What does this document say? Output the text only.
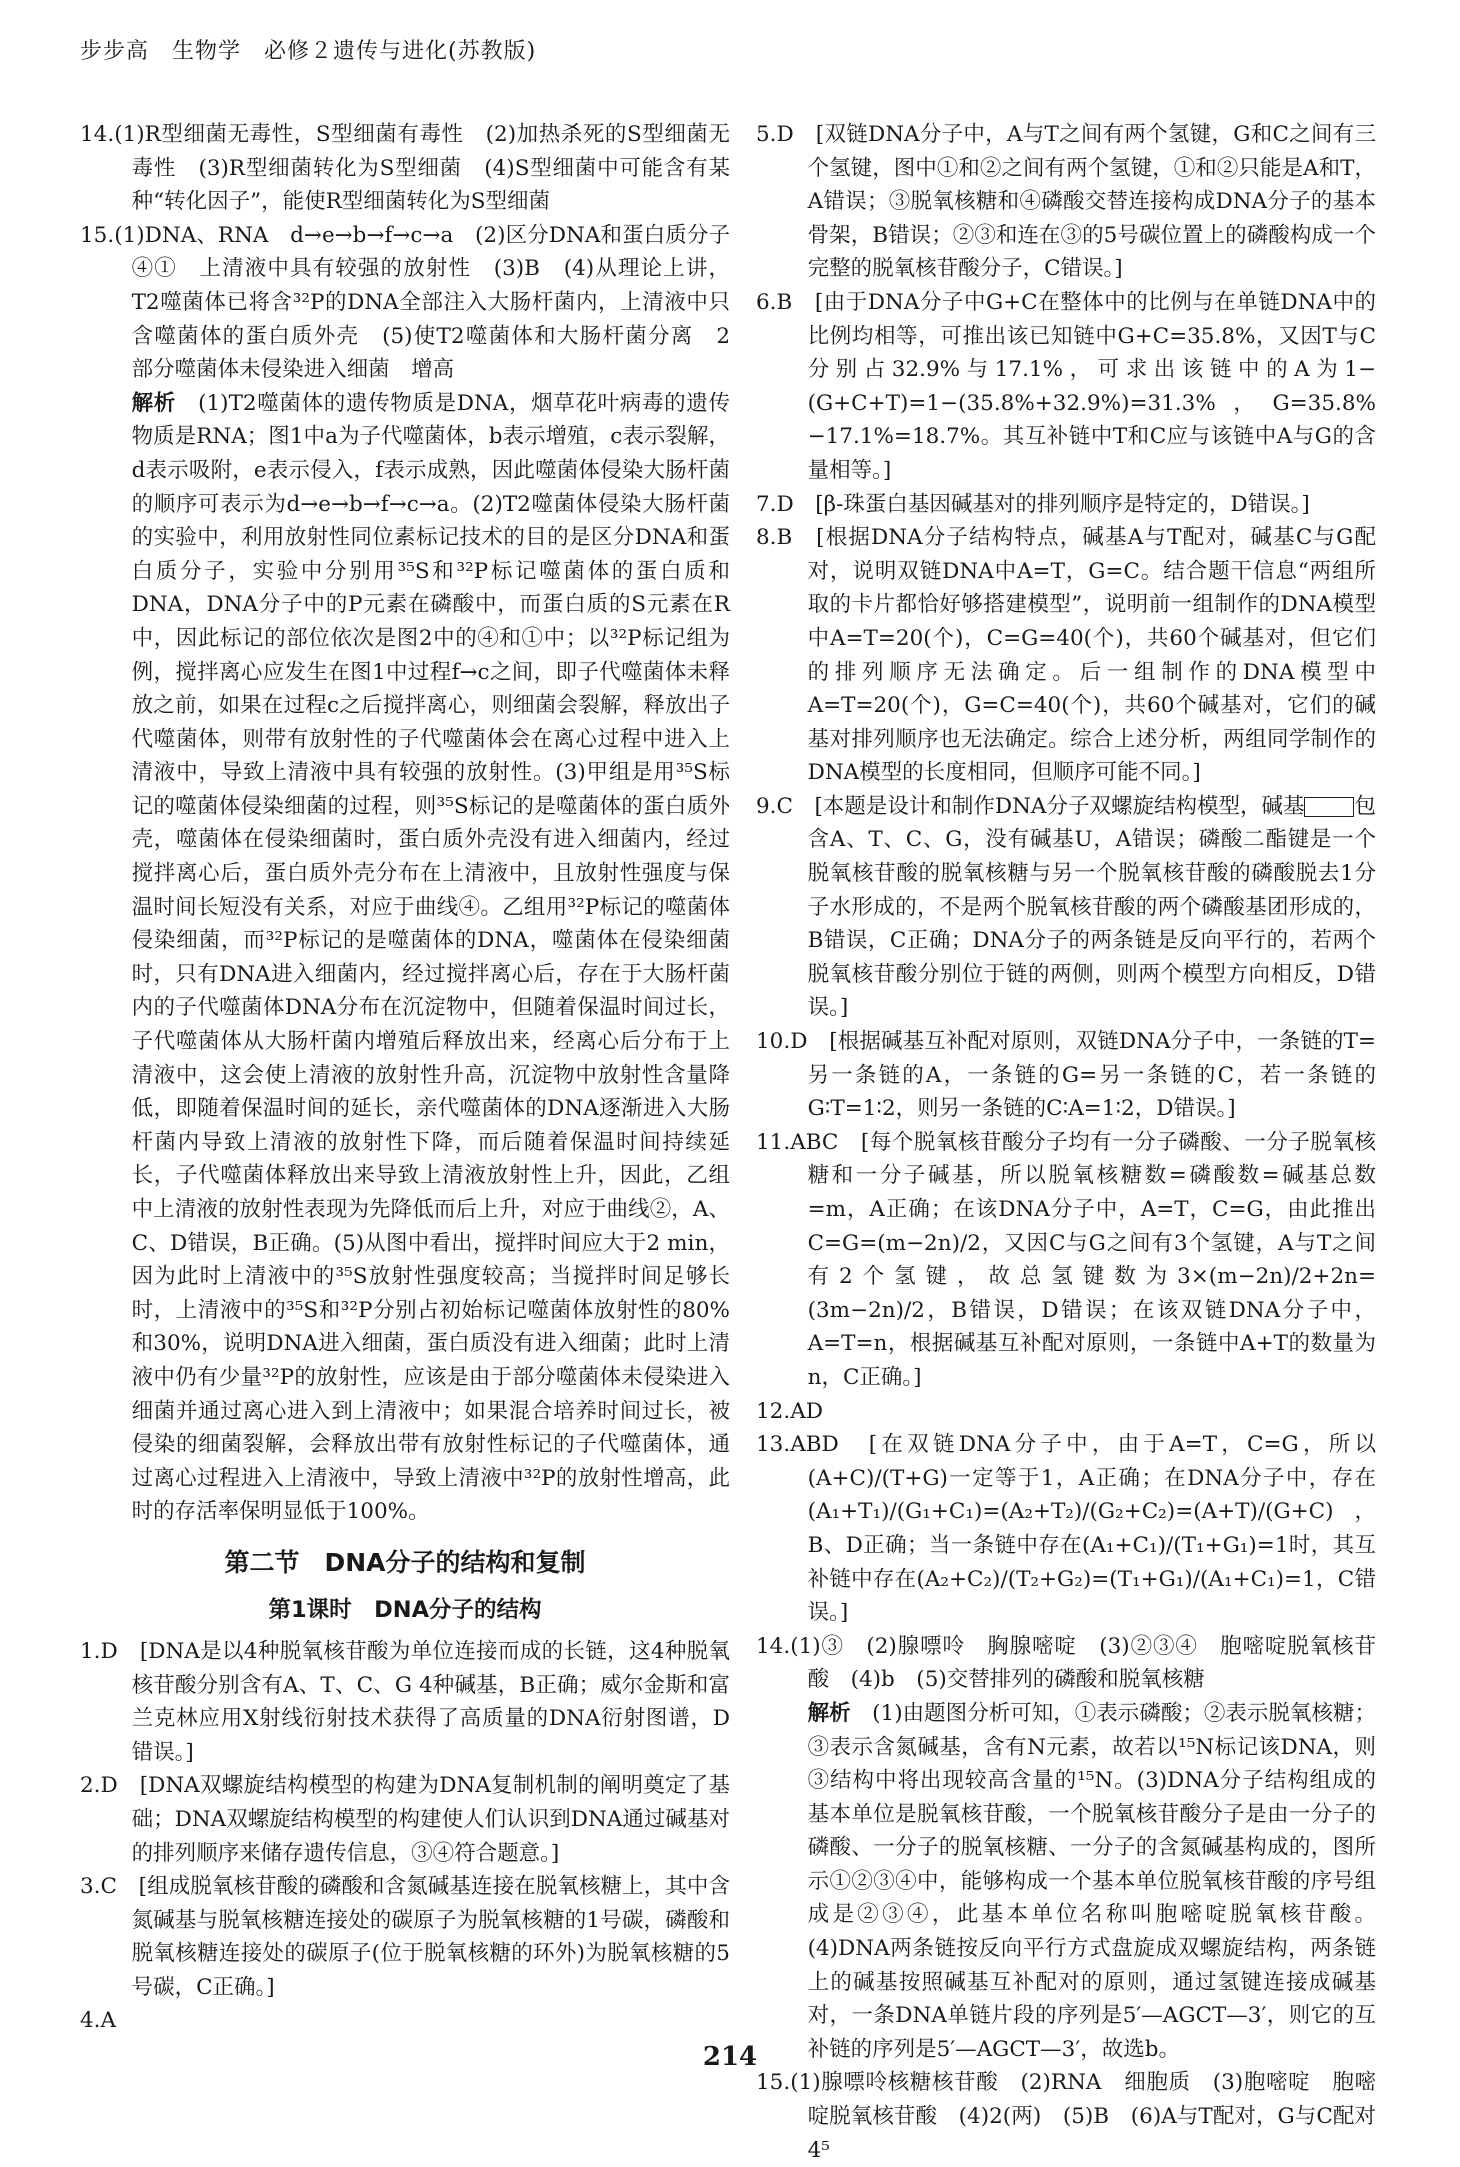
步步高　生物学　必修２遗传与进化(苏教版)

14.(1)R型细菌无毒性，S型细菌有毒性　(2)加热杀死的S型细菌无毒性　(3)R型细菌转化为S型细菌　(4)S型细菌中可能含有某种“转化因子”，能使R型细菌转化为S型细菌

15.(1)DNA、RNA　d→e→b→f→c→a　(2)区分DNA和蛋白质分子　④①　上清液中具有较强的放射性　(3)B　(4)从理论上讲，T2噬菌体已将含³²P的DNA全部注入大肠杆菌内，上清液中只含噬菌体的蛋白质外壳　(5)使T2噬菌体和大肠杆菌分离　2　部分噬菌体未侵染进入细菌　增高

解析　 (1)T2噬菌体的遗传物质是DNA，烟草花叶病毒的遗传物质是RNA；图1中a为子代噬菌体，b表示增殖，c表示裂解，d表示吸附，e表示侵入，f表示成熟，因此噬菌体侵染大肠杆菌的顺序可表示为d→e→b→f→c→a。(2)T2噬菌体侵染大肠杆菌的实验中，利用放射性同位素标记技术的目的是区分DNA和蛋白质分子，实验中分别用³⁵S和³²P标记噬菌体的蛋白质和DNA，DNA分子中的P元素在磷酸中，而蛋白质的S元素在R中，因此标记的部位依次是图2中的④和①中；以³²P标记组为例，搅拌离心应发生在图1中过程f→c之间，即子代噬菌体未释放之前，如果在过程c之后搅拌离心，则细菌会裂解，释放出子代噬菌体，则带有放射性的子代噬菌体会在离心过程中进入上清液中，导致上清液中具有较强的放射性。(3)甲组是用³⁵S标记的噬菌体侵染细菌的过程，则³⁵S标记的是噬菌体的蛋白质外壳，噬菌体在侵染细菌时，蛋白质外壳没有进入细菌内，经过搅拌离心后，蛋白质外壳分布在上清液中，且放射性强度与保温时间长短没有关系，对应于曲线④。乙组用³²P标记的噬菌体侵染细菌，而³²P标记的是噬菌体的DNA，噬菌体在侵染细菌时，只有DNA进入细菌内，经过搅拌离心后，存在于大肠杆菌内的子代噬菌体DNA分布在沉淀物中，但随着保温时间过长，子代噬菌体从大肠杆菌内增殖后释放出来，经离心后分布于上清液中，这会使上清液的放射性升高，沉淀物中放射性含量降低，即随着保温时间的延长，亲代噬菌体的DNA逐渐进入大肠杆菌内导致上清液的放射性下降，而后随着保温时间持续延长，子代噬菌体释放出来导致上清液放射性上升，因此，乙组中上清液的放射性表现为先降低而后上升，对应于曲线②，A、C、D错误，B正确。(5)从图中看出，搅拌时间应大于2 min，因为此时上清液中的³⁵S放射性强度较高；当搅拌时间足够长时，上清液中的³⁵S和³²P分别占初始标记噬菌体放射性的80%和30%，说明DNA进入细菌，蛋白质没有进入细菌；此时上清液中仍有少量³²P的放射性，应该是由于部分噬菌体未侵染进入细菌并通过离心进入到上清液中；如果混合培养时间过长，被侵染的细菌裂解，会释放出带有放射性标记的子代噬菌体，通过离心过程进入上清液中，导致上清液中³²P的放射性增高，此时的存活率保明显低于100%。

第二节　DNA分子的结构和复制
第1课时　DNA分子的结构

1.D　[DNA是以4种脱氧核苷酸为单位连接而成的长链，这4种脱氧核苷酸分别含有A、T、C、G 4种碱基，B正确；威尔金斯和富兰克林应用X射线衍射技术获得了高质量的DNA衍射图谱，D错误。]

2.D　[DNA双螺旋结构模型的构建为DNA复制机制的阐明奠定了基础；DNA双螺旋结构模型的构建使人们认识到DNA通过碱基对的排列顺序来储存遗传信息，③④符合题意。]

3.C　[组成脱氧核苷酸的磷酸和含氮碱基连接在脱氧核糖上，其中含氮碱基与脱氧核糖连接处的碳原子为脱氧核糖的1号碳，磷酸和脱氧核糖连接处的碳原子(位于脱氧核糖的环外)为脱氧核糖的5号碳，C正确。]

4.A

5.D　[双链DNA分子中，A与T之间有两个氢键，G和C之间有三个氢键，图中①和②之间有两个氢键，①和②只能是A和T，A错误；③脱氧核糖和④磷酸交替连接构成DNA分子的基本骨架，B错误；②③和连在③的5号碳位置上的磷酸构成一个完整的脱氧核苷酸分子，C错误。]

6.B　[由于DNA分子中G+C在整体中的比例与在单链DNA中的比例均相等，可推出该已知链中G+C=35.8%，又因T与C分别占32.9%与17.1%，可求出该链中的A为1−(G+C+T)=1−(35.8%+32.9%)=31.3%，G=35.8%−17.1%=18.7%。其互补链中T和C应与该链中A与G的含量相等。]

7.D　[β-珠蛋白基因碱基对的排列顺序是特定的，D错误。]

8.B　[根据DNA分子结构特点，碱基A与T配对，碱基C与G配对，说明双链DNA中A=T，G=C。结合题干信息“两组所取的卡片都恰好够搭建模型”，说明前一组制作的DNA模型中A=T=20(个)，C=G=40(个)，共60个碱基对，但它们的排列顺序无法确定。后一组制作的DNA模型中A=T=20(个)，G=C=40(个)，共60个碱基对，它们的碱基对排列顺序也无法确定。综合上述分析，两组同学制作的DNA模型的长度相同，但顺序可能不同。]

9.C　[本题是设计和制作DNA分子双螺旋结构模型，碱基 包含A、T、C、G，没有碱基U，A错误；磷酸二酯键是一个脱氧核苷酸的脱氧核糖与另一个脱氧核苷酸的磷酸脱去1分子水形成的，不是两个脱氧核苷酸的两个磷酸基团形成的，B错误，C正确；DNA分子的两条链是反向平行的，若两个脱氧核苷酸分别位于链的两侧，则两个模型方向相反，D错误。]

10.D　[根据碱基互补配对原则，双链DNA分子中，一条链的T=另一条链的A，一条链的G=另一条链的C，若一条链的G∶T=1∶2，则另一条链的C∶A=1∶2，D错误。]

11.ABC　[每个脱氧核苷酸分子均有一分子磷酸、一分子脱氧核糖和一分子碱基，所以脱氧核糖数=磷酸数=碱基总数=m，A正确；在该DNA分子中，A=T，C=G，由此推出C=G=(m−2n)/2，又因C与G之间有3个氢键，A与T之间有2个氢键，故总氢键数为3×(m−2n)/2+2n=(3m−2n)/2，B错误，D错误；在该双链DNA分子中，A=T=n，根据碱基互补配对原则，一条链中A+T的数量为n，C正确。]

12.AD

13.ABD　[在双链DNA分子中，由于A=T，C=G，所以(A+C)/(T+G)一定等于1，A正确；在DNA分子中，存在(A₁+T₁)/(G₁+C₁)=(A₂+T₂)/(G₂+C₂)=(A+T)/(G+C)，B、D正确；当一条链中存在(A₁+C₁)/(T₁+G₁)=1时，其互补链中存在(A₂+C₂)/(T₂+G₂)=(T₁+G₁)/(A₁+C₁)=1，C错误。]

14.(1)③　(2)腺嘌呤　胸腺嘧啶　(3)②③④　胞嘧啶脱氧核苷酸　(4)b　(5)交替排列的磷酸和脱氧核糖

解析　 (1)由题图分析可知，①表示磷酸；②表示脱氧核糖；③表示含氮碱基，含有N元素，故若以¹⁵N标记该DNA，则③结构中将出现较高含量的¹⁵N。(3)DNA分子结构组成的基本单位是脱氧核苷酸，一个脱氧核苷酸分子是由一分子的磷酸、一分子的脱氧核糖、一分子的含氮碱基构成的，图所示①②③④中，能够构成一个基本单位脱氧核苷酸的序号组成是②③④，此基本单位名称叫胞嘧啶脱氧核苷酸。(4)DNA两条链按反向平行方式盘旋成双螺旋结构，两条链上的碱基按照碱基互补配对的原则，通过氢键连接成碱基对，一条DNA单链片段的序列是5′—AGCT—3′，则它的互补链的序列是5′—AGCT—3′，故选b。

15.(1)腺嘌呤核糖核苷酸　(2)RNA　细胞质　(3)胞嘧啶　胞嘧啶脱氧核苷酸　(4)2(两)　(5)B　(6)A与T配对，G与C配对　4⁵

214
